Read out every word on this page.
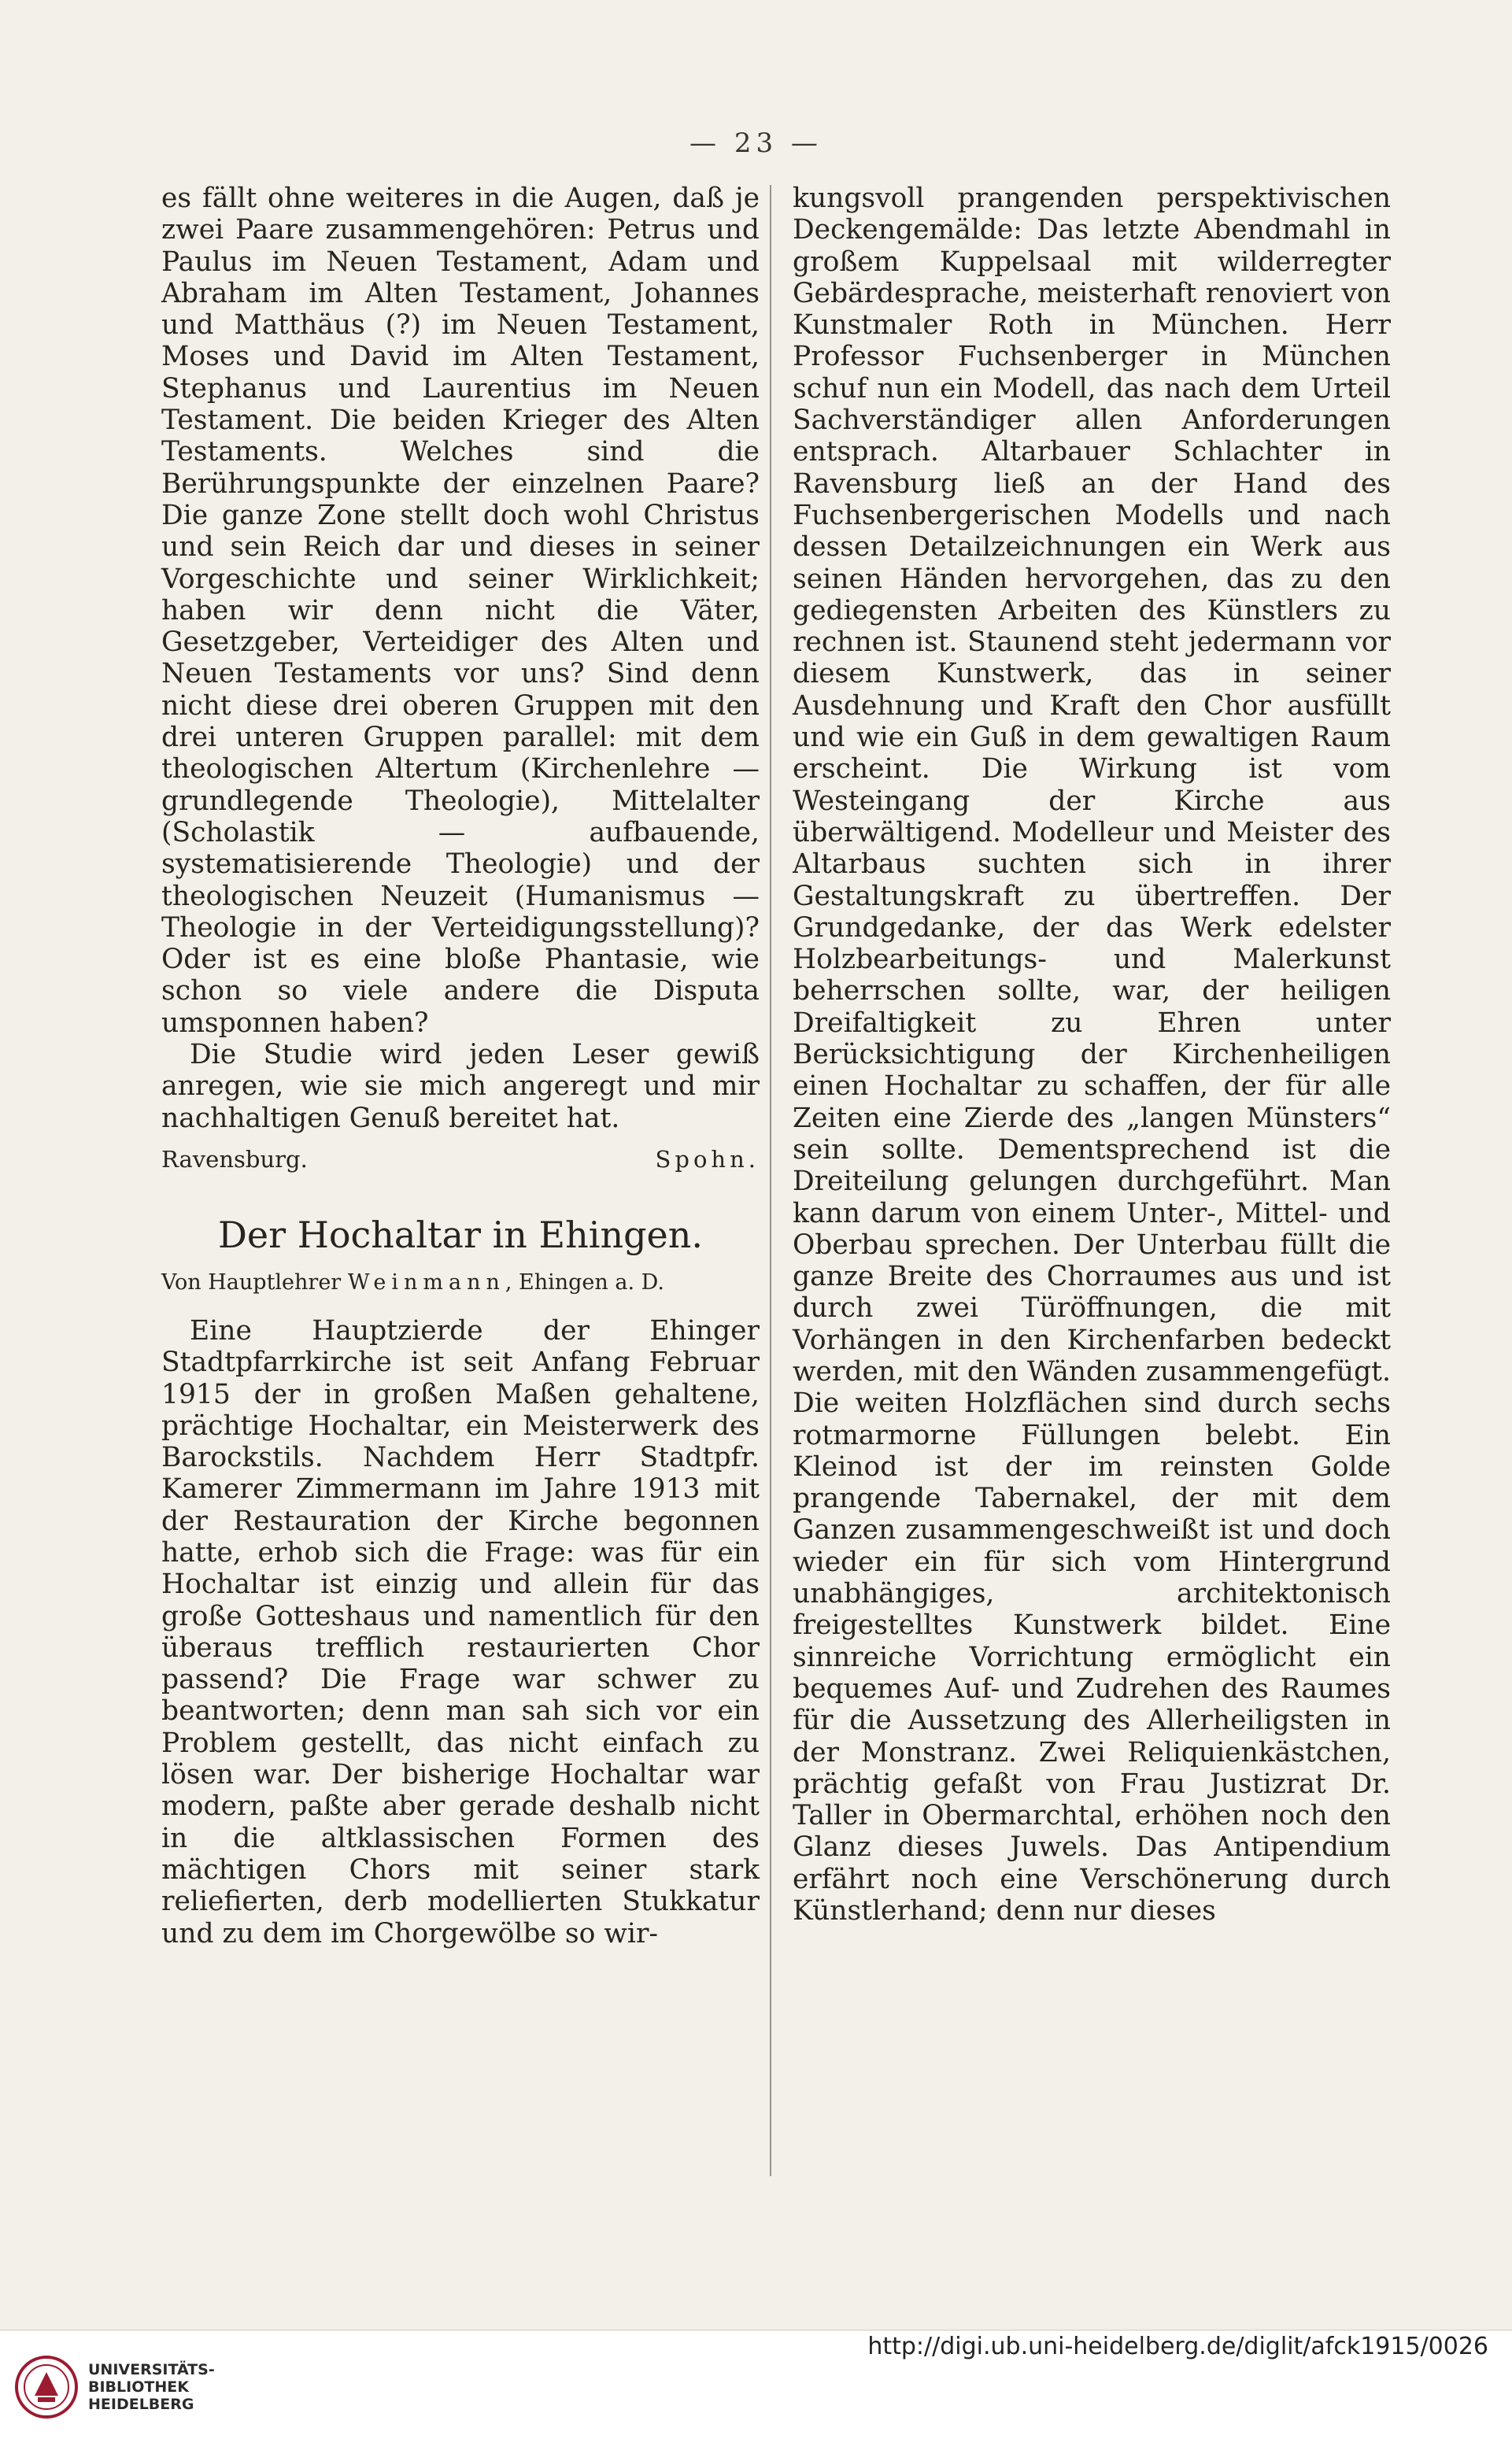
— 23 —

es fällt ohne weiteres in die Augen, daß je zwei Paare zusammengehören: Petrus und Paulus im Neuen Testament, Adam und Abraham im Alten Testament, Johannes und Matthäus (?) im Neuen Testament, Moses und David im Alten Testament, Stephanus und Laurentius im Neuen Testament. Die beiden Krieger des Alten Testaments. Welches sind die Berührungspunkte der einzelnen Paare? Die ganze Zone stellt doch wohl Christus und sein Reich dar und dieses in seiner Vorgeschichte und seiner Wirklichkeit; haben wir denn nicht die Väter, Gesetzgeber, Verteidiger des Alten und Neuen Testaments vor uns? Sind denn nicht diese drei oberen Gruppen mit den drei unteren Gruppen parallel: mit dem theologischen Altertum (Kirchenlehre — grundlegende Theologie), Mittelalter (Scholastik — aufbauende, systematisierende Theologie) und der theologischen Neuzeit (Humanismus — Theologie in der Verteidigungsstellung)? Oder ist es eine bloße Phantasie, wie schon so viele andere die Disputa umsponnen haben?

Die Studie wird jeden Leser gewiß anregen, wie sie mich angeregt und mir nachhaltigen Genuß bereitet hat.

Ravensburg.	Spohn.
Der Hochaltar in Ehingen.
Von Hauptlehrer Weinmann, Ehingen a. D.

Eine Hauptzierde der Ehinger Stadtpfarrkirche ist seit Anfang Februar 1915 der in großen Maßen gehaltene, prächtige Hochaltar, ein Meisterwerk des Barockstils. Nachdem Herr Stadtpfr. Kamerer Zimmermann im Jahre 1913 mit der Restauration der Kirche begonnen hatte, erhob sich die Frage: was für ein Hochaltar ist einzig und allein für das große Gotteshaus und namentlich für den überaus trefflich restaurierten Chor passend? Die Frage war schwer zu beantworten; denn man sah sich vor ein Problem gestellt, das nicht einfach zu lösen war. Der bisherige Hochaltar war modern, paßte aber gerade deshalb nicht in die altklassischen Formen des mächtigen Chors mit seiner stark reliefierten, derb modellierten Stukkatur und zu dem im Chorgewölbe so wir-

kungsvoll prangenden perspektivischen Deckengemälde: Das letzte Abendmahl in großem Kuppelsaal mit wilderregter Gebärdesprache, meisterhaft renoviert von Kunstmaler Roth in München. Herr Professor Fuchsenberger in München schuf nun ein Modell, das nach dem Urteil Sachverständiger allen Anforderungen entsprach. Altarbauer Schlachter in Ravensburg ließ an der Hand des Fuchsenbergerischen Modells und nach dessen Detailzeichnungen ein Werk aus seinen Händen hervorgehen, das zu den gediegensten Arbeiten des Künstlers zu rechnen ist. Staunend steht jedermann vor diesem Kunstwerk, das in seiner Ausdehnung und Kraft den Chor ausfüllt und wie ein Guß in dem gewaltigen Raum erscheint. Die Wirkung ist vom Westeingang der Kirche aus überwältigend. Modelleur und Meister des Altarbaus suchten sich in ihrer Gestaltungskraft zu übertreffen. Der Grundgedanke, der das Werk edelster Holzbearbeitungs- und Malerkunst beherrschen sollte, war, der heiligen Dreifaltigkeit zu Ehren unter Berücksichtigung der Kirchenheiligen einen Hochaltar zu schaffen, der für alle Zeiten eine Zierde des „langen Münsters“ sein sollte. Dementsprechend ist die Dreiteilung gelungen durchgeführt. Man kann darum von einem Unter-, Mittel- und Oberbau sprechen. Der Unterbau füllt die ganze Breite des Chorraumes aus und ist durch zwei Türöffnungen, die mit Vorhängen in den Kirchenfarben bedeckt werden, mit den Wänden zusammengefügt. Die weiten Holzflächen sind durch sechs rotmarmorne Füllungen belebt. Ein Kleinod ist der im reinsten Golde prangende Tabernakel, der mit dem Ganzen zusammengeschweißt ist und doch wieder ein für sich vom Hintergrund unabhängiges, architektonisch freigestelltes Kunstwerk bildet. Eine sinnreiche Vorrichtung ermöglicht ein bequemes Auf- und Zudrehen des Raumes für die Aussetzung des Allerheiligsten in der Monstranz. Zwei Reliquienkästchen, prächtig gefaßt von Frau Justizrat Dr. Taller in Obermarchtal, erhöhen noch den Glanz dieses Juwels. Das Antipendium erfährt noch eine Verschönerung durch Künstlerhand; denn nur dieses

UNIVERSITÄTS-
BIBLIOTHEK
HEIDELBERG
http://digi.ub.uni-heidelberg.de/diglit/afck1915/0026
